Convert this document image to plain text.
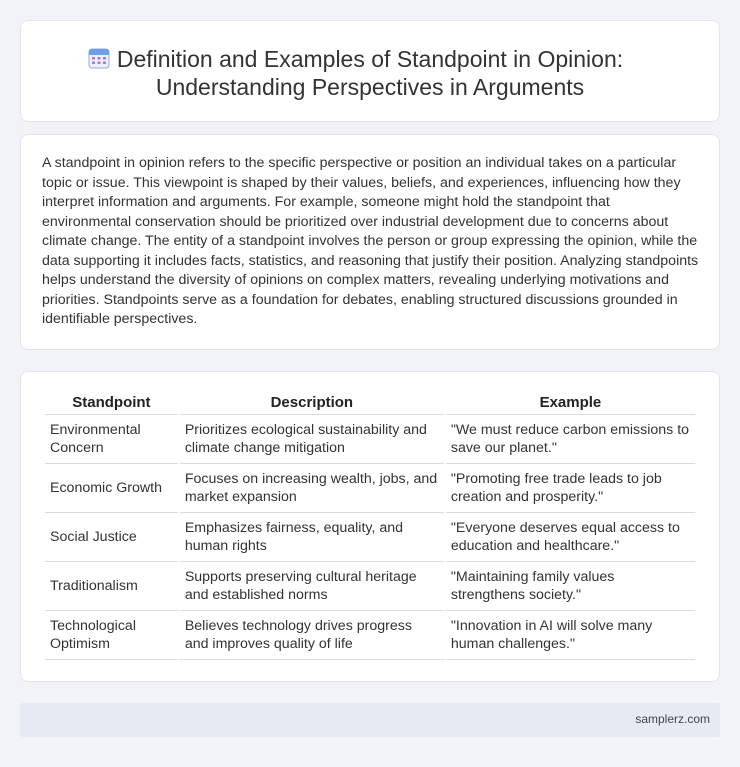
Definition and Examples of Standpoint in Opinion:
Understanding Perspectives in Arguments

A standpoint in opinion refers to the specific perspective or position an individual takes on a particular topic or issue. This viewpoint is shaped by their values, beliefs, and experiences, influencing how they interpret information and arguments. For example, someone might hold the standpoint that environmental conservation should be prioritized over industrial development due to concerns about climate change. The entity of a standpoint involves the person or group expressing the opinion, while the data supporting it includes facts, statistics, and reasoning that justify their position. Analyzing standpoints helps understand the diversity of opinions on complex matters, revealing underlying motivations and priorities. Standpoints serve as a foundation for debates, enabling structured discussions grounded in identifiable perspectives.

Standpoint	Description	Example
Environmental Concern	Prioritizes ecological sustainability and climate change mitigation	"We must reduce carbon emissions to save our planet."
Economic Growth	Focuses on increasing wealth, jobs, and market expansion	"Promoting free trade leads to job creation and prosperity."
Social Justice	Emphasizes fairness, equality, and human rights	"Everyone deserves equal access to education and healthcare."
Traditionalism	Supports preserving cultural heritage and established norms	"Maintaining family values strengthens society."
Technological Optimism	Believes technology drives progress and improves quality of life	"Innovation in AI will solve many human challenges."
samplerz.com
